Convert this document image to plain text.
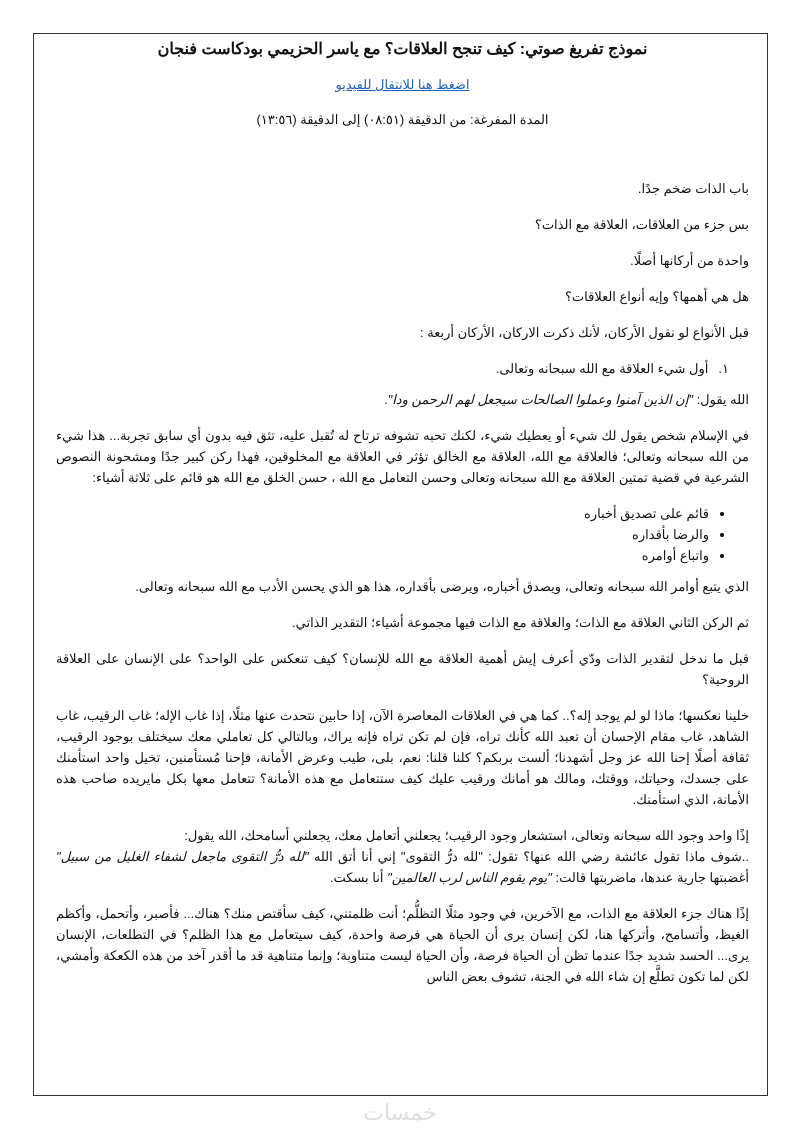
نموذج تفريغ صوتي: كيف تنجح العلاقات؟ مع ياسر الحزيمي بودكاست فنجان
اضغط هنا للانتقال للفيديو
المدة المفرغة: من الدقيقة (٠٨:٥١) إلى الدقيقة (١٣:٥٦)

باب الذات ضخم جدًا.

بس جزء من العلاقات، العلاقة مع الذات؟

واحدة من أركانها أصلًا.

هل هي أهمها؟ وإيه أنواع العلاقات؟

قبل الأنواع لو نقول الأركان، لأنك ذكرت الاركان، الأركان أربعة :

١.أول شيء العلاقة مع الله سبحانه وتعالى.

الله يقول: "إن الذين آمنوا وعملوا الصالحات سيجعل لهم الرحمن ودا".

في الإسلام شخص يقول لك شيء أو يعطيك شيء، لكنك تحبه تشوفه ترتاح له تُقبل عليه، تثق فيه بدون أي سابق تجربة... هذا شيء من الله سبحانه وتعالى؛ فالعلاقة مع الله، العلاقة مع الخالق تؤثر في العلاقة مع المخلوقين، فهذا ركن كبير جدًا ومشحونة النصوص الشرعية في قضية تمتين العلاقة مع الله سبحانه وتعالى وحسن التعامل مع الله ، حسن الخلق مع الله هو قائم على ثلاثة أشياء:

• قائم على تصديق أخباره
• والرضا بأقداره
• واتباع أوامره

الذي يتبع أوامر الله سبحانه وتعالى، ويصدق أخباره، ويرضى بأقداره، هذا هو الذي يحسن الأدب مع الله سبحانه وتعالى.

ثم الركن الثاني العلاقة مع الذات؛ والعلاقة مع الذات فيها مجموعة أشياء؛ التقدير الذاتي.

قبل ما ندخل لتقدير الذات ودّي أعرف إيش أهمية العلاقة مع الله للإنسان؟ كيف تنعكس على الواحد؟ على الإنسان على العلاقة الروحية؟

خلينا نعكسها؛ ماذا لو لم يوجد إله؟.. كما هي في العلاقات المعاصرة الآن، إذا حابين نتحدث عنها مثلًا، إذا غاب الإله؛ غاب الرقيب، غاب الشاهد، غاب مقام الإحسان أن تعبد الله كأنك تراه، فإن لم تكن تراه فإنه يراك، وبالتالي كل تعاملي معك سيختلف بوجود الرقيب، ثقافة أصلًا إحنا الله عز وجل أشهدنا؛ ألست بربكم؟ كلنا قلنا: نعم، بلى، طيب وعرض الأمانة، فإحنا مُستأمنين، تخيل واحد استأمنك على جسدك، وحياتك، ووقتك، ومالك هو أمانك ورقيب عليك كيف ستتعامل مع هذه الأمانة؟ تتعامل معها بكل مايريده صاحب هذه الأمانة، الذي استأمنك.

إذًا واحد وجود الله سبحانه وتعالى، استشعار وجود الرقيب؛ يجعلني أتعامل معك، يجعلني أسامحك، الله يقول:
..شوف ماذا تقول عائشة رضي الله عنها؟ تقول: "لله درُّ التقوى" إني أنا أتق الله "لله درُّ التقوى ماجعل لشفاء الغليل من سبيل" أغضبتها جارية عندها، ماضربتها قالت: "يوم يقوم الناس لرب العالمين" أنا بسكت.

إذًا هناك جزء العلاقة مع الذات، مع الآخرين، في وجود مثلًا التظلُّم؛ أنت ظلمتني، كيف سأقتص منك؟ هناك... فأصبر، وأتحمل، وأكظم الغيظ، وأتسامح، وأتركها هنا، لكن إنسان يرى أن الحياة هي فرصة واحدة، كيف سيتعامل مع هذا الظلم؟ في التطلعات، الإنسان يرى... الحسد شديد جدًا عندما تظن أن الحياة فرصة، وأن الحياة ليست متناوبة؛ وإنما متناهية قد ما أقدر آخد من هذه الكعكة وأمشي، لكن لما تكون تطلَّع إن شاء الله في الجنة، تشوف بعض الناس

خمسات
